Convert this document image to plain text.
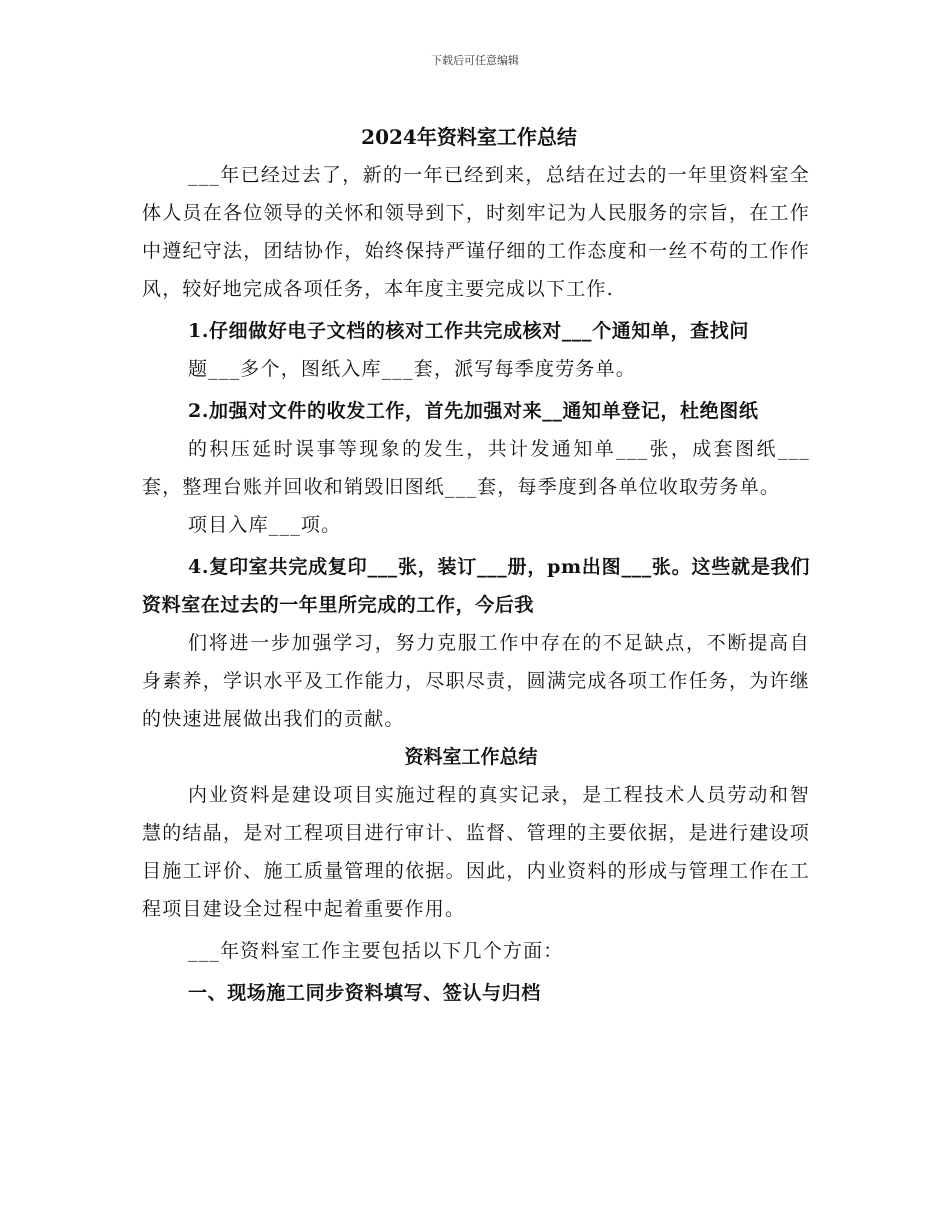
下载后可任意编辑
2024年资料室工作总结

___年已经过去了，新的一年已经到来，总结在过去的一年里资料室全体人员在各位领导的关怀和领导到下，时刻牢记为人民服务的宗旨，在工作中遵纪守法，团结协作，始终保持严谨仔细的工作态度和一丝不苟的工作作风，较好地完成各项任务，本年度主要完成以下工作.

1.仔细做好电子文档的核对工作共完成核对___个通知单，查找问

题___多个，图纸入库___套，派写每季度劳务单。

2.加强对文件的收发工作，首先加强对来__通知单登记，杜绝图纸

的积压延时误事等现象的发生，共计发通知单___张，成套图纸___套，整理台账并回收和销毁旧图纸___套，每季度到各单位收取劳务单。

项目入库___项。

4.复印室共完成复印___张，装订___册，pm出图___张。这些就是我们资料室在过去的一年里所完成的工作，今后我

们将进一步加强学习，努力克服工作中存在的不足缺点，不断提高自身素养，学识水平及工作能力，尽职尽责，圆满完成各项工作任务，为许继的快速进展做出我们的贡献。

资料室工作总结

内业资料是建设项目实施过程的真实记录，是工程技术人员劳动和智慧的结晶，是对工程项目进行审计、监督、管理的主要依据，是进行建设项目施工评价、施工质量管理的依据。因此，内业资料的形成与管理工作在工程项目建设全过程中起着重要作用。

___年资料室工作主要包括以下几个方面：

一、现场施工同步资料填写、签认与归档
